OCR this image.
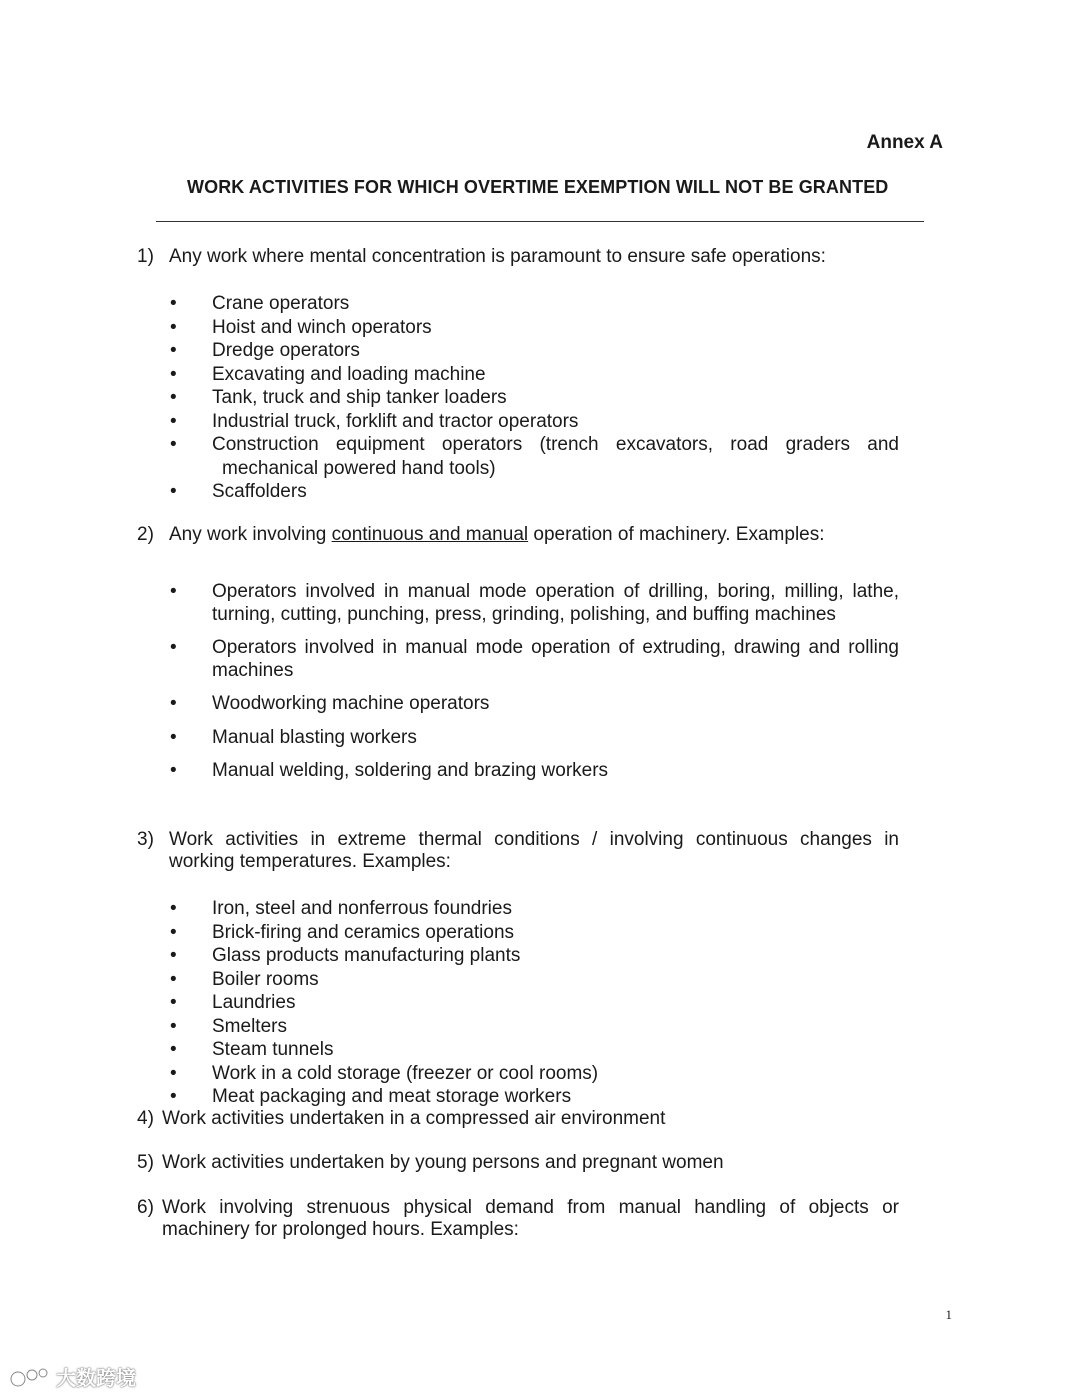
Annex A
WORK ACTIVITIES FOR WHICH OVERTIME EXEMPTION WILL NOT BE GRANTED
1) Any work where mental concentration is paramount to ensure safe operations:
• Crane operators
• Hoist and winch operators
• Dredge operators
• Excavating and loading machine
• Tank, truck and ship tanker loaders
• Industrial truck, forklift and tractor operators
• Construction equipment operators (trench excavators, road graders and
mechanical powered hand tools)
• Scaffolders
2) Any work involving continuous and manual operation of machinery. Examples:
• Operators involved in manual mode operation of drilling, boring, milling, lathe, turning, cutting, punching, press, grinding, polishing, and buffing machines
• Operators involved in manual mode operation of extruding, drawing and rolling machines
• Woodworking machine operators
• Manual blasting workers
• Manual welding, soldering and brazing workers
3) Work activities in extreme thermal conditions / involving continuous changes in working temperatures. Examples:
• Iron, steel and nonferrous foundries
• Brick-firing and ceramics operations
• Glass products manufacturing plants
• Boiler rooms
• Laundries
• Smelters
• Steam tunnels
• Work in a cold storage (freezer or cool rooms)
• Meat packaging and meat storage workers
4) Work activities undertaken in a compressed air environment
5) Work activities undertaken by young persons and pregnant women
6) Work involving strenuous physical demand from manual handling of objects or machinery for prolonged hours. Examples:
1
大数跨境
